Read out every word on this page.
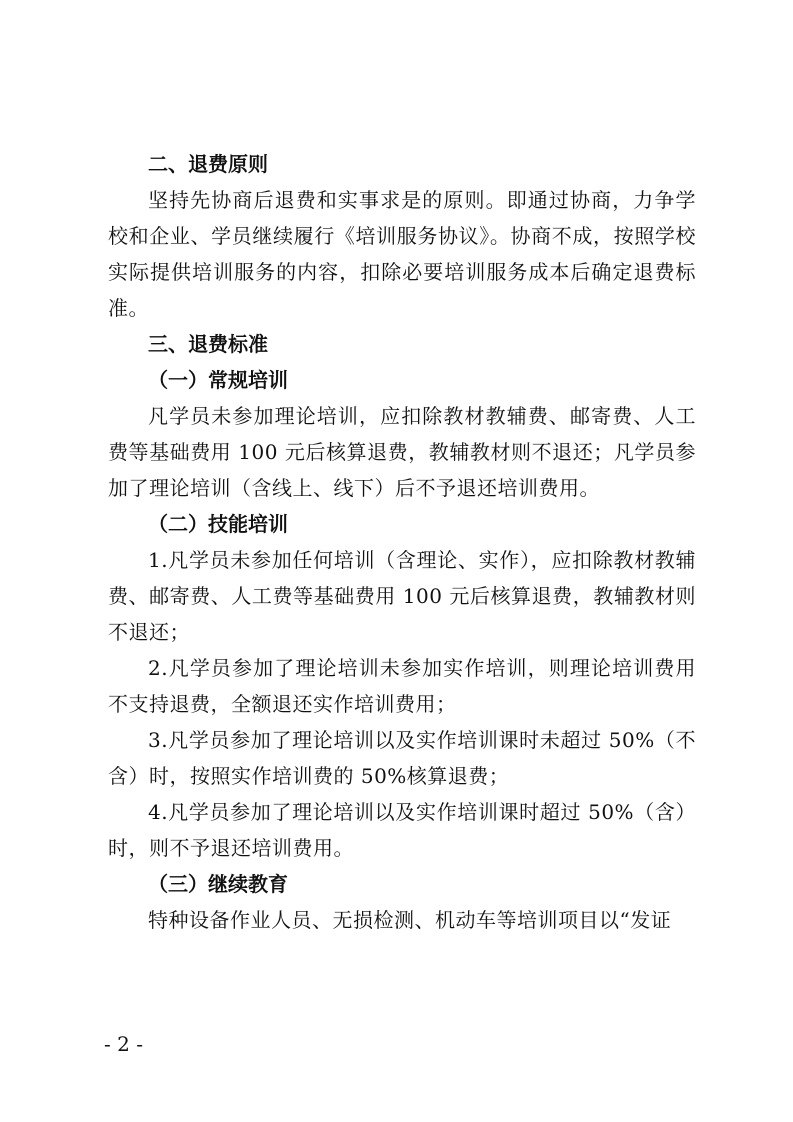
二、退费原则

坚持先协商后退费和实事求是的原则。即通过协商，力争学校和企业、学员继续履行《培训服务协议》。协商不成，按照学校实际提供培训服务的内容，扣除必要培训服务成本后确定退费标准。

三、退费标准
（一）常规培训

凡学员未参加理论培训，应扣除教材教辅费、邮寄费、人工费等基础费用 100 元后核算退费，教辅教材则不退还；凡学员参加了理论培训（含线上、线下）后不予退还培训费用。

（二）技能培训

1.凡学员未参加任何培训（含理论、实作），应扣除教材教辅费、邮寄费、人工费等基础费用 100 元后核算退费，教辅教材则不退还；

2.凡学员参加了理论培训未参加实作培训，则理论培训费用不支持退费，全额退还实作培训费用；

3.凡学员参加了理论培训以及实作培训课时未超过 50%（不含）时，按照实作培训费的 50%核算退费；

4.凡学员参加了理论培训以及实作培训课时超过 50%（含）时，则不予退还培训费用。

（三）继续教育

特种设备作业人员、无损检测、机动车等培训项目以“发证

- 2 -
